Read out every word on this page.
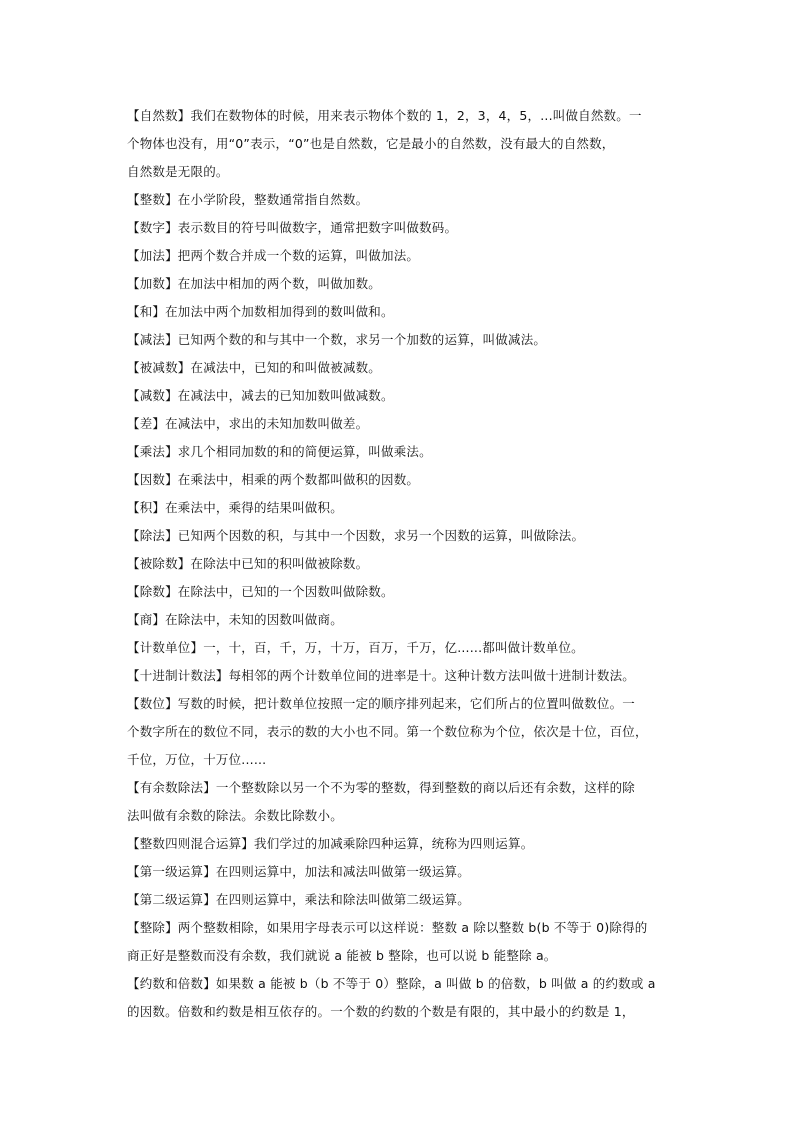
【自然数】我们在数物体的时候，用来表示物体个数的 1，2，3，4，5，...叫做自然数。一
个物体也没有，用“0”表示，“0”也是自然数，它是最小的自然数，没有最大的自然数，
自然数是无限的。
【整数】在小学阶段，整数通常指自然数。
【数字】表示数目的符号叫做数字，通常把数字叫做数码。
【加法】把两个数合并成一个数的运算，叫做加法。
【加数】在加法中相加的两个数，叫做加数。
【和】在加法中两个加数相加得到的数叫做和。
【减法】已知两个数的和与其中一个数，求另一个加数的运算，叫做减法。
【被减数】在减法中，已知的和叫做被减数。
【减数】在减法中，减去的已知加数叫做减数。
【差】在减法中，求出的未知加数叫做差。
【乘法】求几个相同加数的和的简便运算，叫做乘法。
【因数】在乘法中，相乘的两个数都叫做积的因数。
【积】在乘法中，乘得的结果叫做积。
【除法】已知两个因数的积，与其中一个因数，求另一个因数的运算，叫做除法。
【被除数】在除法中已知的积叫做被除数。
【除数】在除法中，已知的一个因数叫做除数。
【商】在除法中，未知的因数叫做商。
【计数单位】一，十，百，千，万，十万，百万，千万，亿......都叫做计数单位。
【十进制计数法】每相邻的两个计数单位间的进率是十。这种计数方法叫做十进制计数法。
【数位】写数的时候，把计数单位按照一定的顺序排列起来，它们所占的位置叫做数位。一
个数字所在的数位不同，表示的数的大小也不同。第一个数位称为个位，依次是十位，百位，
千位，万位，十万位......
【有余数除法】一个整数除以另一个不为零的整数，得到整数的商以后还有余数，这样的除
法叫做有余数的除法。余数比除数小。
【整数四则混合运算】我们学过的加减乘除四种运算，统称为四则运算。
【第一级运算】在四则运算中，加法和减法叫做第一级运算。
【第二级运算】在四则运算中，乘法和除法叫做第二级运算。
【整除】两个整数相除，如果用字母表示可以这样说：整数 a 除以整数 b(b 不等于 0)除得的
商正好是整数而没有余数，我们就说 a 能被 b 整除，也可以说 b 能整除 a。
【约数和倍数】如果数 a 能被 b（b 不等于 0）整除，a 叫做 b 的倍数，b 叫做 a 的约数或 a
的因数。倍数和约数是相互依存的。一个数的约数的个数是有限的，其中最小的约数是 1，
